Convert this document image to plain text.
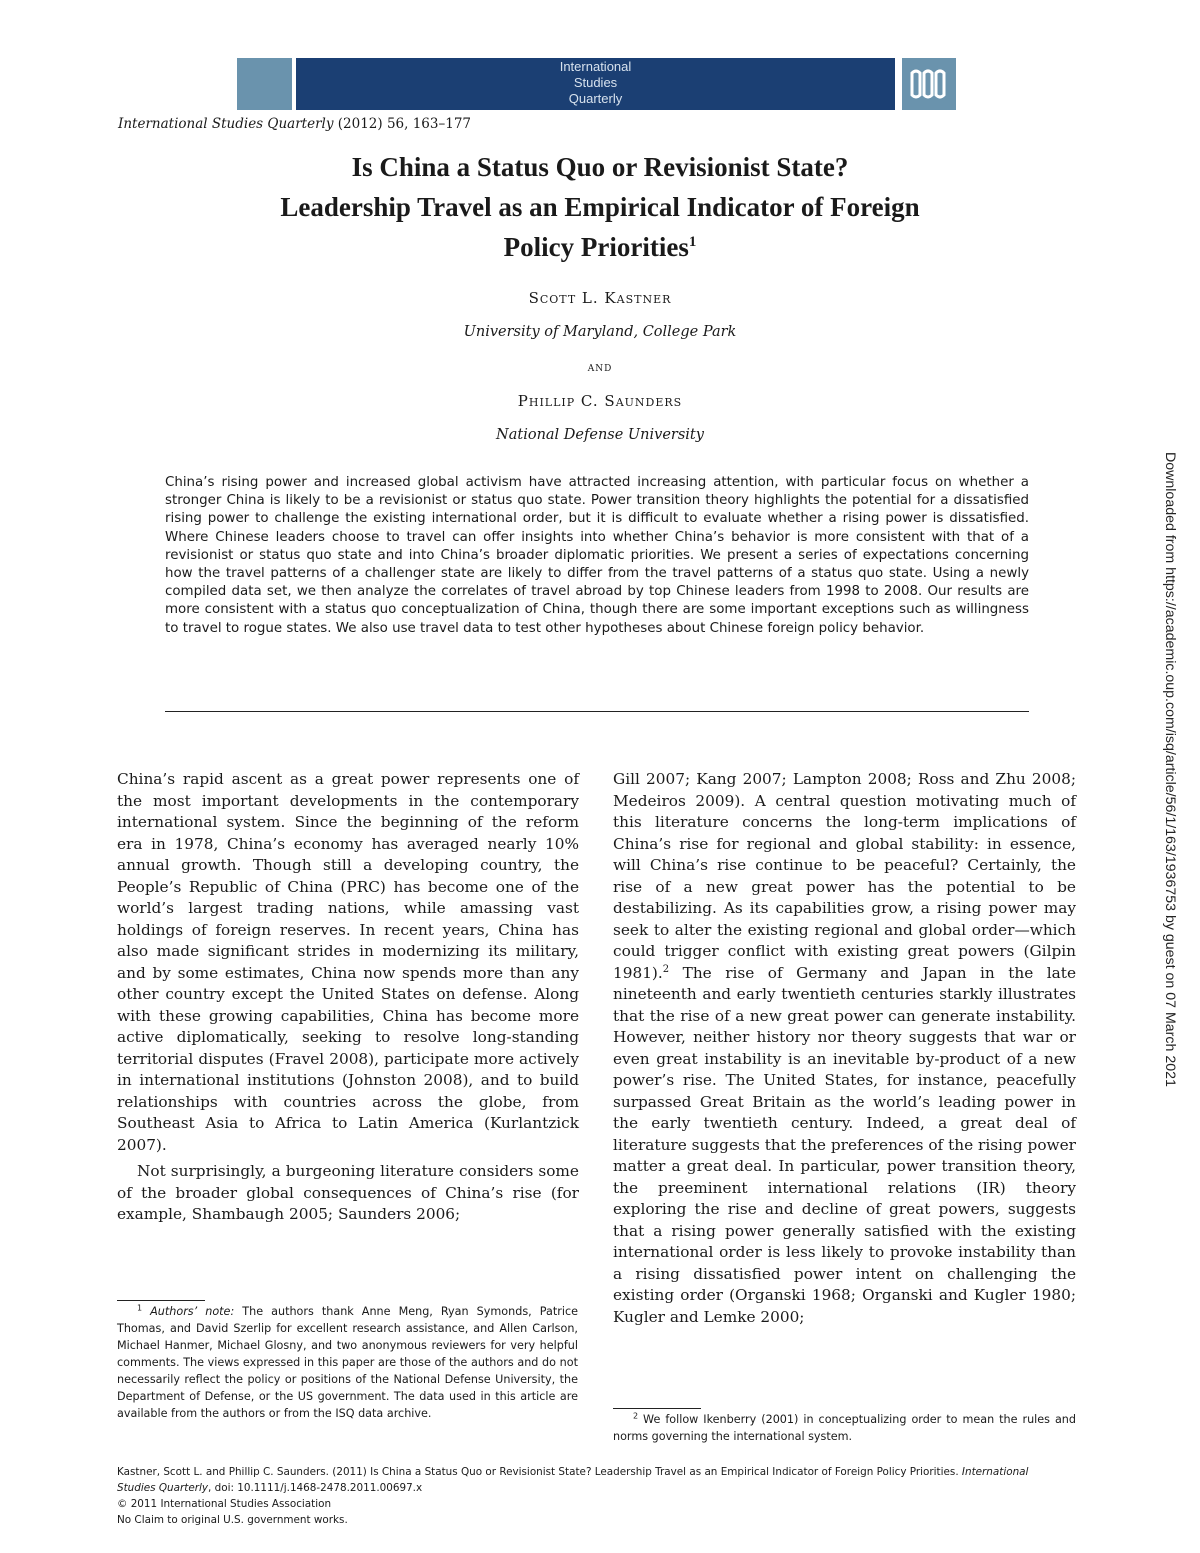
International
Studies
Quarterly
ISA
International Studies Quarterly (2012) 56, 163–177
Is China a Status Quo or Revisionist State?
Leadership Travel as an Empirical Indicator of Foreign
Policy Priorities$^1$
Scott L. Kastner
University of Maryland, College Park
and
Phillip C. Saunders
National Defense University
China’s rising power and increased global activism have attracted increasing attention, with particular focus on whether a stronger China is likely to be a revisionist or status quo state. Power transition theory highlights the potential for a dissatisfied rising power to challenge the existing international order, but it is difficult to evaluate whether a rising power is dissatisfied. Where Chinese leaders choose to travel can offer insights into whether China’s behavior is more consistent with that of a revisionist or status quo state and into China’s broader diplomatic priorities. We present a series of expectations concerning how the travel patterns of a challenger state are likely to differ from the travel patterns of a status quo state. Using a newly compiled data set, we then analyze the correlates of travel abroad by top Chinese leaders from 1998 to 2008. Our results are more consistent with a status quo conceptualization of China, though there are some important exceptions such as willingness to travel to rogue states. We also use travel data to test other hypotheses about Chinese foreign policy behavior.

China’s rapid ascent as a great power represents one of the most important developments in the contemporary international system. Since the beginning of the reform era in 1978, China’s economy has averaged nearly 10% annual growth. Though still a developing country, the People’s Republic of China (PRC) has become one of the world’s largest trading nations, while amassing vast holdings of foreign reserves. In recent years, China has also made significant strides in modernizing its military, and by some estimates, China now spends more than any other country except the United States on defense. Along with these growing capabilities, China has become more active diplomatically, seeking to resolve long-standing territorial disputes (Fravel 2008), participate more actively in international institutions (Johnston 2008), and to build relationships with countries across the globe, from Southeast Asia to Africa to Latin America (Kurlantzick 2007).

Not surprisingly, a burgeoning literature considers some of the broader global consequences of China’s rise (for example, Shambaugh 2005; Saunders 2006;

Gill 2007; Kang 2007; Lampton 2008; Ross and Zhu 2008; Medeiros 2009). A central question motivating much of this literature concerns the long-term implications of China’s rise for regional and global stability: in essence, will China’s rise continue to be peaceful? Certainly, the rise of a new great power has the potential to be destabilizing. As its capabilities grow, a rising power may seek to alter the existing regional and global order—which could trigger conflict with existing great powers (Gilpin 1981).$^2$ The rise of Germany and Japan in the late nineteenth and early twentieth centuries starkly illustrates that the rise of a new great power can generate instability. However, neither history nor theory suggests that war or even great instability is an inevitable by-product of a new power’s rise. The United States, for instance, peacefully surpassed Great Britain as the world’s leading power in the early twentieth century. Indeed, a great deal of literature suggests that the preferences of the rising power matter a great deal. In particular, power transition theory, the preeminent international relations (IR) theory exploring the rise and decline of great powers, suggests that a rising power generally satisfied with the existing international order is less likely to provoke instability than a rising dissatisfied power intent on challenging the existing order (Organski 1968; Organski and Kugler 1980; Kugler and Lemke 2000;

$^1$ Authors’ note: The authors thank Anne Meng, Ryan Symonds, Patrice Thomas, and David Szerlip for excellent research assistance, and Allen Carlson, Michael Hanmer, Michael Glosny, and two anonymous reviewers for very helpful comments. The views expressed in this paper are those of the authors and do not necessarily reflect the policy or positions of the National Defense University, the Department of Defense, or the US government. The data used in this article are available from the authors or from the ISQ data archive.	$^2$ We follow Ikenberry (2001) in conceptualizing order to mean the rules and norms governing the international system.
Kastner, Scott L. and Phillip C. Saunders. (2011) Is China a Status Quo or Revisionist State? Leadership Travel as an Empirical Indicator of Foreign Policy Priorities. International
Studies Quarterly, doi: 10.1111/j.1468-2478.2011.00697.x
© 2011 International Studies Association
No Claim to original U.S. government works.
Downloaded from https://academic.oup.com/isq/article/56/1/163/1936753 by guest on 07 March 2021
